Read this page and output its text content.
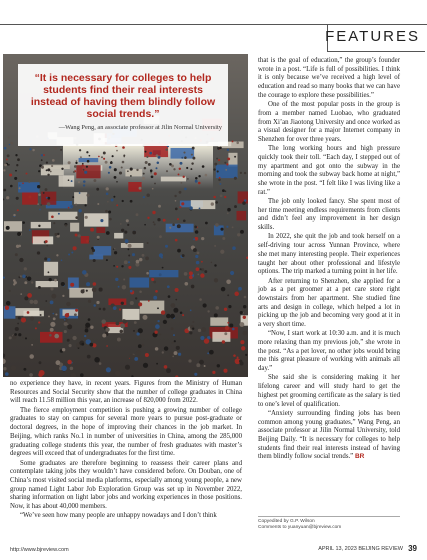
FEATURES
“It is necessary for colleges to help students find their real interests instead of having them blindly follow social trends.”
—Wang Peng, an associate professor at Jilin Normal University

no experience they have, in recent years. Figures from the Ministry of Human Resources and Social Security show that the number of college graduates in China will reach 11.58 million this year, an increase of 820,000 from 2022.

The fierce employment competition is pushing a growing number of college graduates to stay on campus for several more years to pursue post-graduate or doctoral degrees, in the hope of improving their chances in the job market. In Beijing, which ranks No.1 in number of universities in China, among the 285,000 graduating college students this year, the number of fresh graduates with master’s degrees will exceed that of undergraduates for the first time.

Some graduates are therefore beginning to reassess their career plans and contemplate taking jobs they wouldn’t have considered before. On Douban, one of China’s most visited social media platforms, especially among young people, a new group named Light Labor Job Exploration Group was set up in November 2022, sharing information on light labor jobs and working experiences in those positions. Now, it has about 40,000 members.

“We’ve seen how many people are unhappy nowadays and I don’t think

that is the goal of education,” the group’s founder wrote in a post. “Life is full of possibilities. I think it is only because we’ve received a high level of education and read so many books that we can have the courage to explore these possibilities.”

One of the most popular posts in the group is from a member named Luobao, who graduated from Xi’an Jiaotong University and once worked as a visual designer for a major Internet company in Shenzhen for over three years.

The long working hours and high pressure quickly took their toll. “Each day, I stepped out of my apartment and got onto the subway in the morning and took the subway back home at night,” she wrote in the post. “I felt like I was living like a rat.”

The job only looked fancy. She spent most of her time meeting endless requirements from clients and didn’t feel any improvement in her design skills.

In 2022, she quit the job and took herself on a self-driving tour across Yunnan Province, where she met many interesting people. Their experiences taught her about other professional and lifestyle options. The trip marked a turning point in her life.

After returning to Shenzhen, she applied for a job as a pet groomer at a pet care store right downstairs from her apartment. She studied fine arts and design in college, which helped a lot in picking up the job and becoming very good at it in a very short time.

“Now, I start work at 10:30 a.m. and it is much more relaxing than my previous job,” she wrote in the post. “As a pet lover, no other jobs would bring me this great pleasure of working with animals all day.”

She said she is considering making it her lifelong career and will study hard to get the highest pet grooming certificate as the salary is tied to one’s level of qualification.

“Anxiety surrounding finding jobs has been common among young graduates,” Wang Peng, an associate professor at Jilin Normal University, told Beijing Daily. “It is necessary for colleges to help students find their real interests instead of having them blindly follow social trends.” BR

Copyedited by G.P. Wilson
Comments to yuanyuan@bjreview.com
http://www.bjreview.com	APRIL 13, 2023 BEIJING REVIEW 39
